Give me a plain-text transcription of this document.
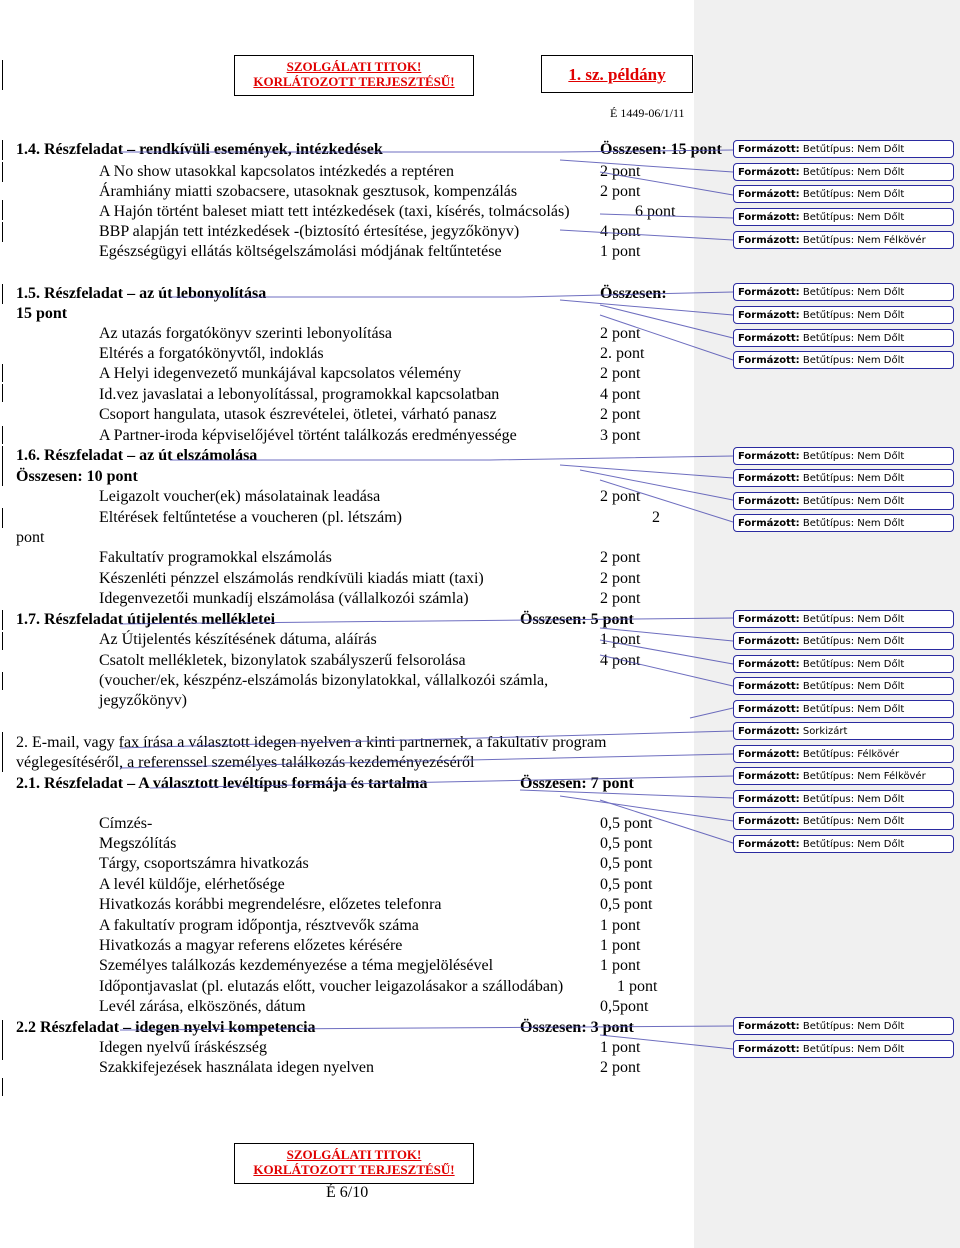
SZOLGÁLATI TITOK!
KORLÁTOZOTT TERJESZTÉSŰ!	1. sz. példány
É 1449-06/1/11
1.4. Részfeladat – rendkívüli események, intézkedések	Összesen: 15 pont
A No show utasokkal kapcsolatos intézkedés a reptéren	2 pont
Áramhiány miatti szobacsere, utasoknak gesztusok, kompenzálás	2 pont
A Hajón történt baleset miatt tett intézkedések (taxi, kísérés, tolmácsolás)	6 pont
BBP alapján tett intézkedések -(biztosító értesítése, jegyzőkönyv)	4 pont
Egészségügyi ellátás költségelszámolási módjának feltűntetése	1 pont
1.5. Részfeladat – az út lebonyolítása	Összesen:
15 pont
Az utazás forgatókönyv szerinti lebonyolítása	2 pont
Eltérés a forgatókönyvtől, indoklás	2. pont
A Helyi idegenvezető munkájával kapcsolatos vélemény	2 pont
Id.vez javaslatai a lebonyolítással, programokkal kapcsolatban	4 pont
Csoport hangulata, utasok észrevételei, ötletei, várható panasz	2 pont
A Partner-iroda képviselőjével történt találkozás eredményessége	3 pont
1.6. Részfeladat – az út elszámolása
Összesen: 10 pont
Leigazolt voucher(ek) másolatainak leadása	2 pont
Eltérések feltűntetése a voucheren (pl. létszám)	2
pont
Fakultatív programokkal elszámolás	2 pont
Készenléti pénzzel elszámolás rendkívüli kiadás miatt (taxi)	2 pont
Idegenvezetői munkadíj elszámolása (vállalkozói számla)	2 pont
1.7. Részfeladat útijelentés mellékletei	Összesen: 5 pont
Az Útijelentés készítésének dátuma, aláírás	1 pont
Csatolt mellékletek, bizonylatok szabályszerű felsorolása	4 pont
(voucher/ek, készpénz-elszámolás bizonylatokkal, vállalkozói számla,
jegyzőkönyv)
2. E-mail, vagy fax írása a választott idegen nyelven a kinti partnernek, a fakultatív program
véglegesítéséről, a referenssel személyes találkozás kezdeményezéséről
2.1. Részfeladat – A választott levéltípus formája és tartalma	Összesen: 7 pont
Címzés-	0,5 pont
Megszólítás	0,5 pont
Tárgy, csoportszámra hivatkozás	0,5 pont
A levél küldője, elérhetősége	0,5 pont
Hivatkozás korábbi megrendelésre, előzetes telefonra	0,5 pont
A fakultatív program időpontja, résztvevők száma	1 pont
Hivatkozás a magyar referens előzetes kérésére	1 pont
Személyes találkozás kezdeményezése a téma megjelölésével	1 pont
Időpontjavaslat (pl. elutazás előtt, voucher leigazolásakor a szállodában)	1 pont
Levél zárása, elköszönés, dátum	0,5pont
2.2 Részfeladat – idegen nyelvi kompetencia	Összesen: 3 pont
Idegen nyelvű íráskészség	1 pont
Szakkifejezések használata idegen nyelven	2 pont
Formázott: Betűtípus: Nem Dőlt
Formázott: Betűtípus: Nem Dőlt
Formázott: Betűtípus: Nem Dőlt
Formázott: Betűtípus: Nem Dőlt
Formázott: Betűtípus: Nem Félkövér
Formázott: Betűtípus: Nem Dőlt
Formázott: Betűtípus: Nem Dőlt
Formázott: Betűtípus: Nem Dőlt
Formázott: Betűtípus: Nem Dőlt
Formázott: Betűtípus: Nem Dőlt
Formázott: Betűtípus: Nem Dőlt
Formázott: Betűtípus: Nem Dőlt
Formázott: Betűtípus: Nem Dőlt
Formázott: Betűtípus: Nem Dőlt
Formázott: Betűtípus: Nem Dőlt
Formázott: Betűtípus: Nem Dőlt
Formázott: Betűtípus: Nem Dőlt
Formázott: Betűtípus: Nem Dőlt
Formázott: Sorkizárt
Formázott: Betűtípus: Félkövér
Formázott: Betűtípus: Nem Félkövér
Formázott: Betűtípus: Nem Dőlt
Formázott: Betűtípus: Nem Dőlt
Formázott: Betűtípus: Nem Dőlt
Formázott: Betűtípus: Nem Dőlt
Formázott: Betűtípus: Nem Dőlt
SZOLGÁLATI TITOK!
KORLÁTOZOTT TERJESZTÉSŰ!
É 6/10
